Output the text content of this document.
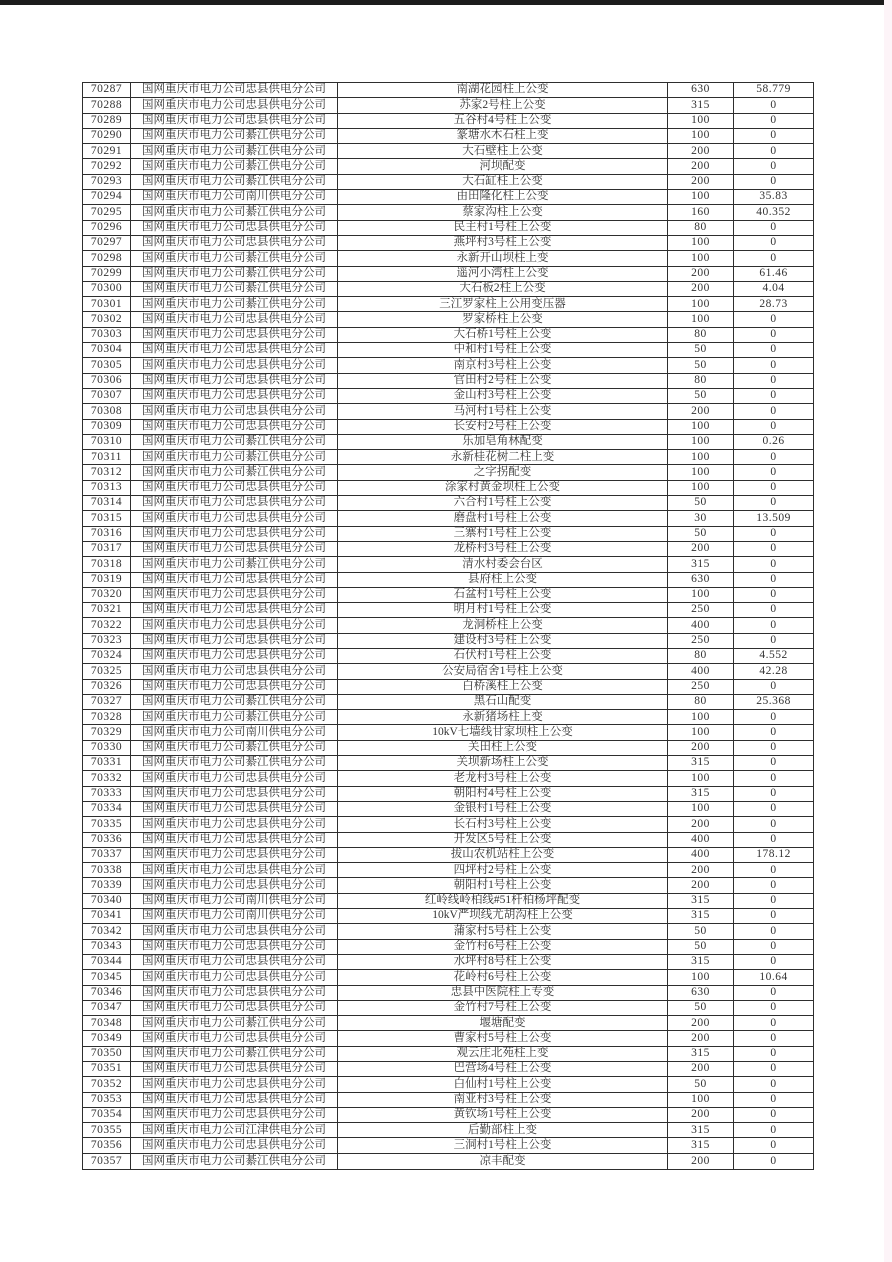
70287	国网重庆市电力公司忠县供电分公司	南湖花园柱上公变	630	58.779
70288	国网重庆市电力公司忠县供电分公司	苏家2号柱上公变	315	0
70289	国网重庆市电力公司忠县供电分公司	五谷村4号柱上公变	100	0
70290	国网重庆市电力公司綦江供电分公司	篆塘水木石柱上变	100	0
70291	国网重庆市电力公司綦江供电分公司	大石壁柱上公变	200	0
70292	国网重庆市电力公司綦江供电分公司	河坝配变	200	0
70293	国网重庆市电力公司綦江供电分公司	大石缸柱上公变	200	0
70294	国网重庆市电力公司南川供电分公司	由田隆化柱上公变	100	35.83
70295	国网重庆市电力公司綦江供电分公司	蔡家沟柱上公变	160	40.352
70296	国网重庆市电力公司忠县供电分公司	民主村1号柱上公变	80	0
70297	国网重庆市电力公司忠县供电分公司	燕坪村3号柱上公变	100	0
70298	国网重庆市电力公司綦江供电分公司	永新开山坝柱上变	100	0
70299	国网重庆市电力公司綦江供电分公司	遥河小湾柱上公变	200	61.46
70300	国网重庆市电力公司綦江供电分公司	大石板2柱上公变	200	4.04
70301	国网重庆市电力公司綦江供电分公司	三江罗家柱上公用变压器	100	28.73
70302	国网重庆市电力公司忠县供电分公司	罗家桥柱上公变	100	0
70303	国网重庆市电力公司忠县供电分公司	大石桥1号柱上公变	80	0
70304	国网重庆市电力公司忠县供电分公司	中和村1号柱上公变	50	0
70305	国网重庆市电力公司忠县供电分公司	南京村3号柱上公变	50	0
70306	国网重庆市电力公司忠县供电分公司	官田村2号柱上公变	80	0
70307	国网重庆市电力公司忠县供电分公司	金山村3号柱上公变	50	0
70308	国网重庆市电力公司忠县供电分公司	马河村1号柱上公变	200	0
70309	国网重庆市电力公司忠县供电分公司	长安村2号柱上公变	100	0
70310	国网重庆市电力公司綦江供电分公司	乐加皂角林配变	100	0.26
70311	国网重庆市电力公司綦江供电分公司	永新桂花树二柱上变	100	0
70312	国网重庆市电力公司綦江供电分公司	之字拐配变	100	0
70313	国网重庆市电力公司忠县供电分公司	涂家村黄金坝柱上公变	100	0
70314	国网重庆市电力公司忠县供电分公司	六合村1号柱上公变	50	0
70315	国网重庆市电力公司忠县供电分公司	磨盘村1号柱上公变	30	13.509
70316	国网重庆市电力公司忠县供电分公司	三寨村1号柱上公变	50	0
70317	国网重庆市电力公司忠县供电分公司	龙桥村3号柱上公变	200	0
70318	国网重庆市电力公司綦江供电分公司	清水村委会台区	315	0
70319	国网重庆市电力公司忠县供电分公司	县府柱上公变	630	0
70320	国网重庆市电力公司忠县供电分公司	石盆村1号柱上公变	100	0
70321	国网重庆市电力公司忠县供电分公司	明月村1号柱上公变	250	0
70322	国网重庆市电力公司忠县供电分公司	龙洞桥柱上公变	400	0
70323	国网重庆市电力公司忠县供电分公司	建设村3号柱上公变	250	0
70324	国网重庆市电力公司忠县供电分公司	石伏村1号柱上公变	80	4.552
70325	国网重庆市电力公司忠县供电分公司	公安局宿舍1号柱上公变	400	42.28
70326	国网重庆市电力公司忠县供电分公司	白桥溪柱上公变	250	0
70327	国网重庆市电力公司綦江供电分公司	黑石山配变	80	25.368
70328	国网重庆市电力公司綦江供电分公司	永新猪场柱上变	100	0
70329	国网重庆市电力公司南川供电分公司	10kV七墙线甘家坝柱上公变	100	0
70330	国网重庆市电力公司綦江供电分公司	关田柱上公变	200	0
70331	国网重庆市电力公司綦江供电分公司	关坝新场柱上公变	315	0
70332	国网重庆市电力公司忠县供电分公司	老龙村3号柱上公变	100	0
70333	国网重庆市电力公司忠县供电分公司	朝阳村4号柱上公变	315	0
70334	国网重庆市电力公司忠县供电分公司	金银村1号柱上公变	100	0
70335	国网重庆市电力公司忠县供电分公司	长石村3号柱上公变	200	0
70336	国网重庆市电力公司忠县供电分公司	开发区5号柱上公变	400	0
70337	国网重庆市电力公司忠县供电分公司	拔山农机站柱上公变	400	178.12
70338	国网重庆市电力公司忠县供电分公司	四坪村2号柱上公变	200	0
70339	国网重庆市电力公司忠县供电分公司	朝阳村1号柱上公变	200	0
70340	国网重庆市电力公司南川供电分公司	红岭线岭柏线#51杆柏杨坪配变	315	0
70341	国网重庆市电力公司南川供电分公司	10kV严坝线尤胡沟柱上公变	315	0
70342	国网重庆市电力公司忠县供电分公司	蒲家村5号柱上公变	50	0
70343	国网重庆市电力公司忠县供电分公司	金竹村6号柱上公变	50	0
70344	国网重庆市电力公司忠县供电分公司	水坪村8号柱上公变	315	0
70345	国网重庆市电力公司忠县供电分公司	花岭村6号柱上公变	100	10.64
70346	国网重庆市电力公司忠县供电分公司	忠县中医院柱上专变	630	0
70347	国网重庆市电力公司忠县供电分公司	金竹村7号柱上公变	50	0
70348	国网重庆市电力公司綦江供电分公司	堰塘配变	200	0
70349	国网重庆市电力公司忠县供电分公司	曹家村5号柱上公变	200	0
70350	国网重庆市电力公司綦江供电分公司	观云庄北苑柱上变	315	0
70351	国网重庆市电力公司忠县供电分公司	巴营场4号柱上公变	200	0
70352	国网重庆市电力公司忠县供电分公司	白仙村1号柱上公变	50	0
70353	国网重庆市电力公司忠县供电分公司	南亚村3号柱上公变	100	0
70354	国网重庆市电力公司忠县供电分公司	黄钦场1号柱上公变	200	0
70355	国网重庆市电力公司江津供电分公司	后勤部柱上变	315	0
70356	国网重庆市电力公司忠县供电分公司	三洞村1号柱上公变	315	0
70357	国网重庆市电力公司綦江供电分公司	凉丰配变	200	0
